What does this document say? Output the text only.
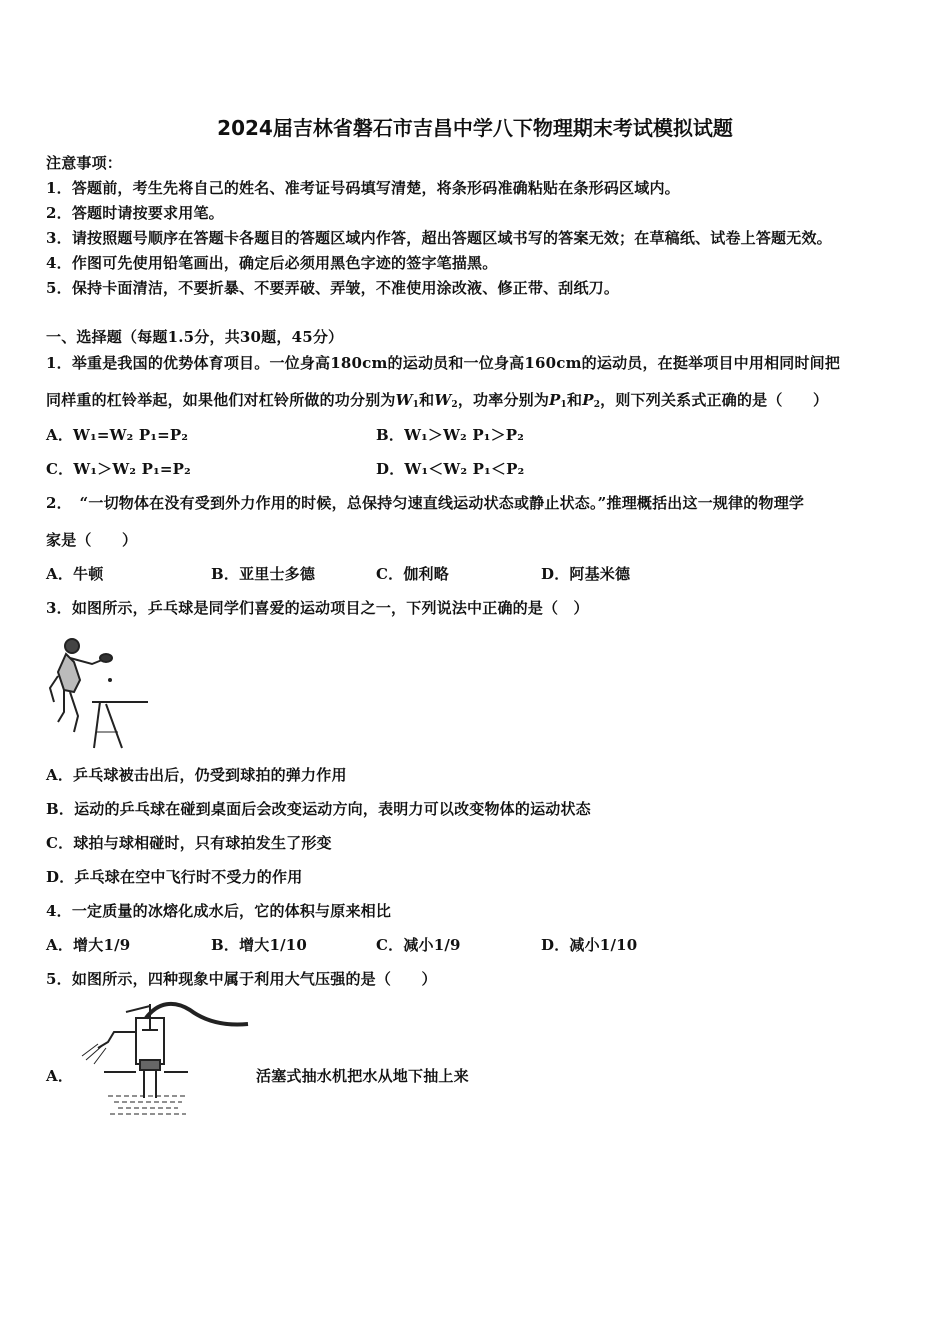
2024届吉林省磐石市吉昌中学八下物理期末考试模拟试题
注意事项：
1．答题前，考生先将自己的姓名、准考证号码填写清楚，将条形码准确粘贴在条形码区域内。
2．答题时请按要求用笔。
3．请按照题号顺序在答题卡各题目的答题区域内作答，超出答题区域书写的答案无效；在草稿纸、试卷上答题无效。
4．作图可先使用铅笔画出，确定后必须用黑色字迹的签字笔描黑。
5．保持卡面清洁，不要折暴、不要弄破、弄皱，不准使用涂改液、修正带、刮纸刀。
一、选择题（每题1.5分，共30题，45分）
1．举重是我国的优势体育项目。一位身高180cm的运动员和一位身高160cm的运动员，在挺举项目中用相同时间把
同样重的杠铃举起，如果他们对杠铃所做的功分别为$W_1$和$W_2$，功率分别为$P_1$和$P_2$，则下列关系式正确的是（　　）
A．W₁=W₂ P₁=P₂	B．W₁＞W₂ P₁＞P₂
C．W₁＞W₂ P₁=P₂	D．W₁＜W₂ P₁＜P₂
2．　“一切物体在没有受到外力作用的时候，总保持匀速直线运动状态或静止状态。”推理概括出这一规律的物理学
家是（　　）
A．牛顿	B．亚里士多德	C．伽利略	D．阿基米德
3．如图所示，乒乓球是同学们喜爱的运动项目之一，下列说法中正确的是（　）
A．乒乓球被击出后，仍受到球拍的弹力作用
B．运动的乒乓球在碰到桌面后会改变运动方向，表明力可以改变物体的运动状态
C．球拍与球相碰时，只有球拍发生了形变
D．乒乓球在空中飞行时不受力的作用
4．一定质量的冰熔化成水后，它的体积与原来相比
A．增大1/9	B．增大1/10	C．减小1/9	D．减小1/10
5．如图所示，四种现象中属于利用大气压强的是（　　）
A．	活塞式抽水机把水从地下抽上来
